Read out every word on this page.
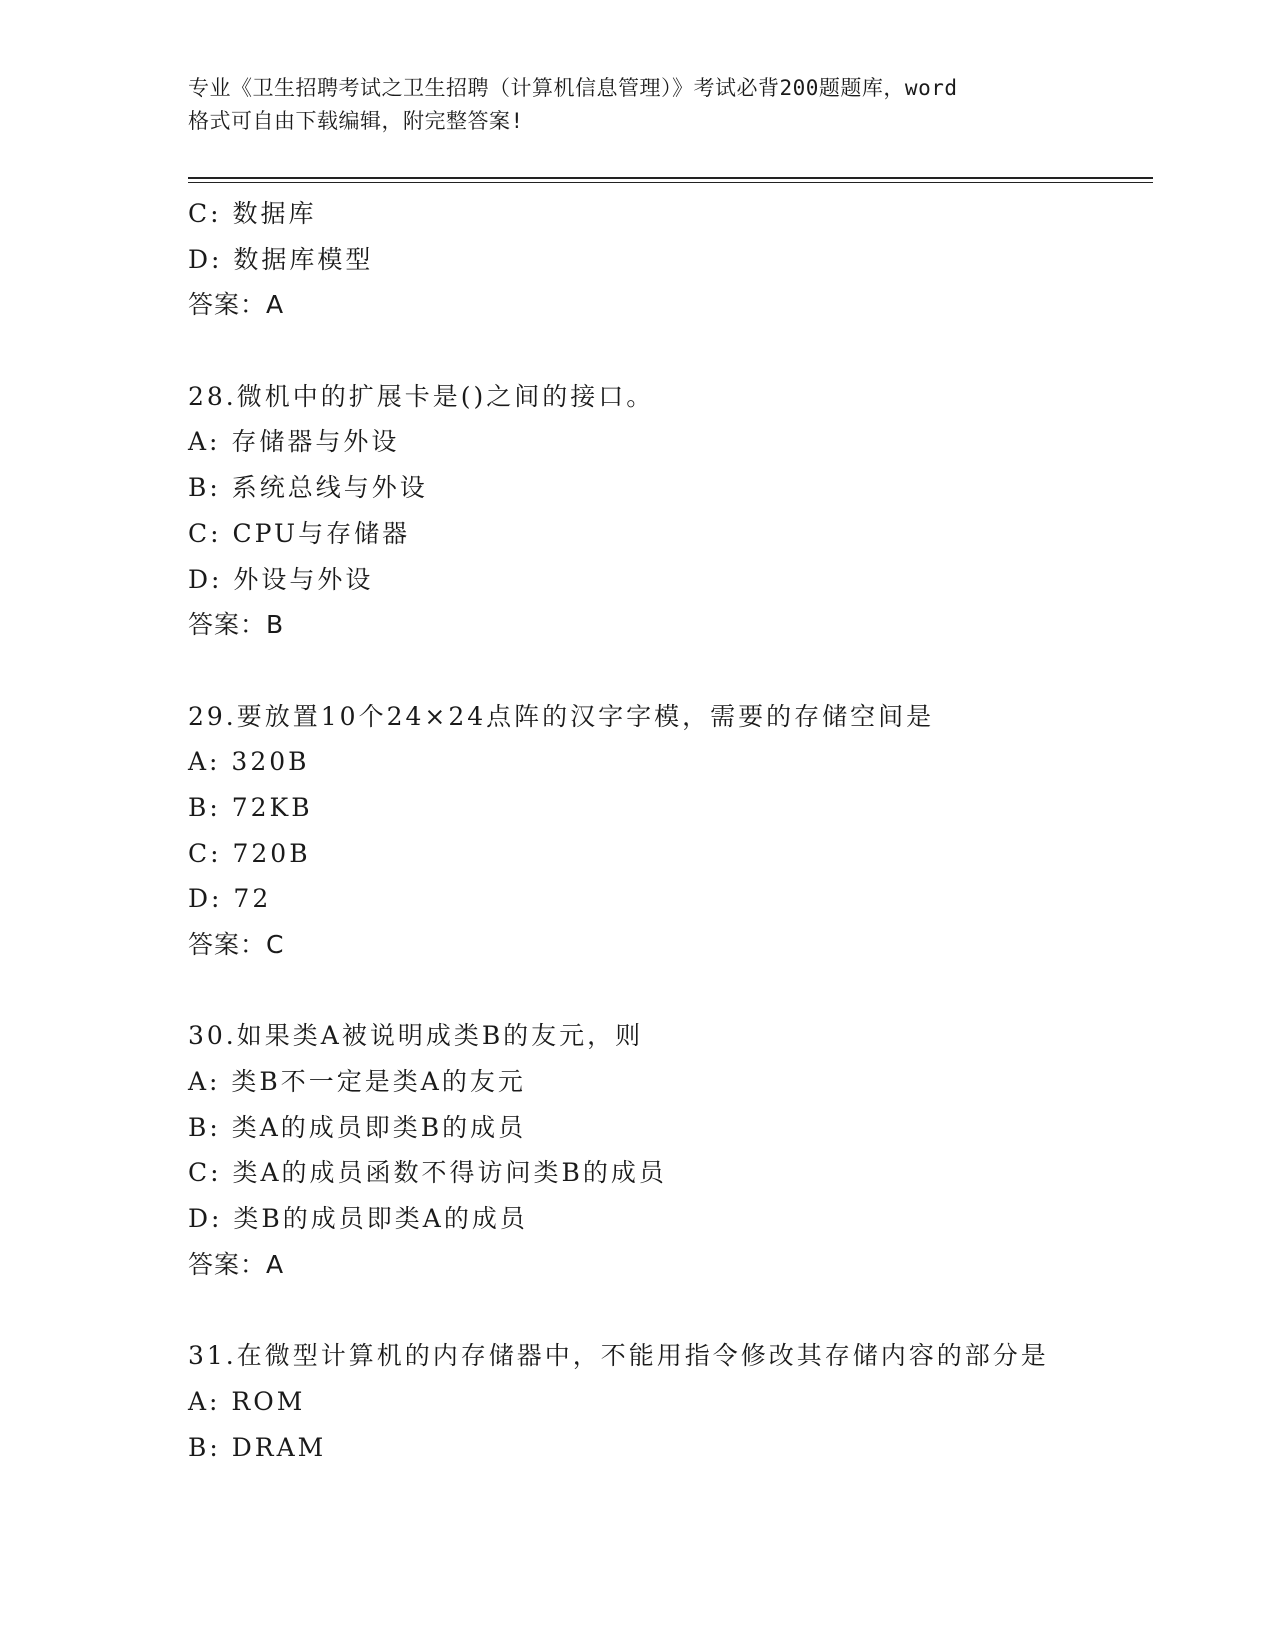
专业《卫生招聘考试之卫生招聘（计算机信息管理）》考试必背200题题库，word
格式可自由下载编辑，附完整答案!
C: 数据库
D: 数据库模型
答案：A
28.微机中的扩展卡是()之间的接口。
A: 存储器与外设
B: 系统总线与外设
C: CPU与存储器
D: 外设与外设
答案：B
29.要放置10个24×24点阵的汉字字模，需要的存储空间是
A: 320B
B: 72KB
C: 720B
D: 72
答案：C
30.如果类A被说明成类B的友元，则
A: 类B不一定是类A的友元
B: 类A的成员即类B的成员
C: 类A的成员函数不得访问类B的成员
D: 类B的成员即类A的成员
答案：A
31.在微型计算机的内存储器中，不能用指令修改其存储内容的部分是
A: ROM
B: DRAM
